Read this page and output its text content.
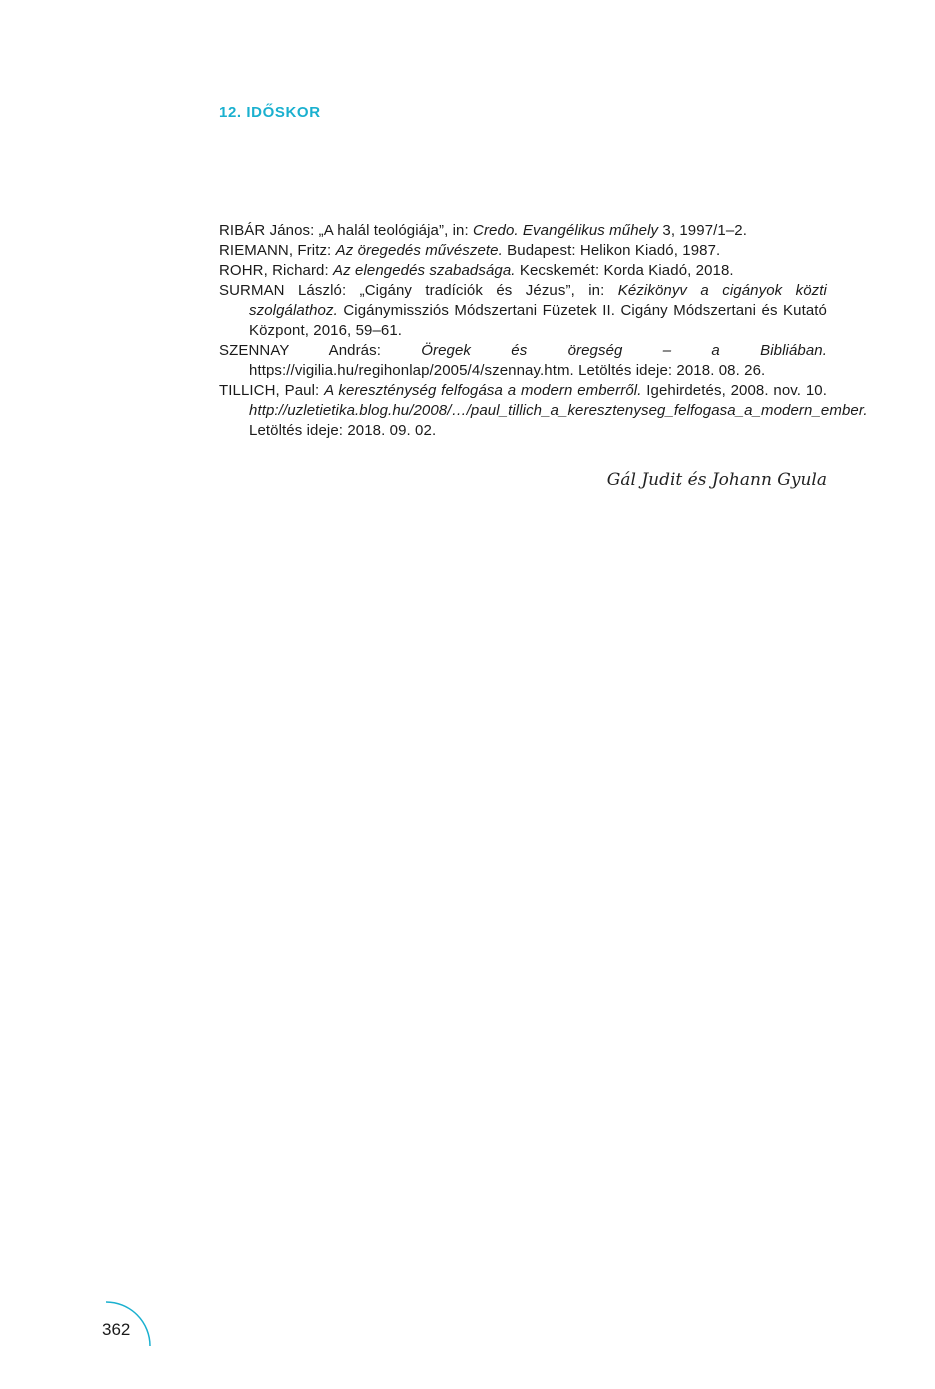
12. IDŐSKOR
RIBÁR János: „A halál teológiája”, in: Credo. Evangélikus műhely 3, 1997/1–2.
RIEMANN, Fritz: Az öregedés művészete. Budapest: Helikon Kiadó, 1987.
ROHR, Richard: Az elengedés szabadsága. Kecskemét: Korda Kiadó, 2018.
SURMAN László: „Cigány tradíciók és Jézus”, in: Kézikönyv a cigányok közti szolgálathoz. Cigánymissziós Módszertani Füzetek II. Cigány Módszertani és Kutató Központ, 2016, 59–61.
SZENNAY András: Öregek és öregség – a Bibliában. https://vigilia.hu/regihonlap/2005/4/szennay.htm. Letöltés ideje: 2018. 08. 26.
TILLICH, Paul: A kereszténység felfogása a modern emberről. Igehirdetés, 2008. nov. 10. http://uzletietika.blog.hu/2008/…/paul_tillich_a_keresztenyseg_felfogasa_a_modern_ember. Letöltés ideje: 2018. 09. 02.
Gál Judit és Johann Gyula
362
